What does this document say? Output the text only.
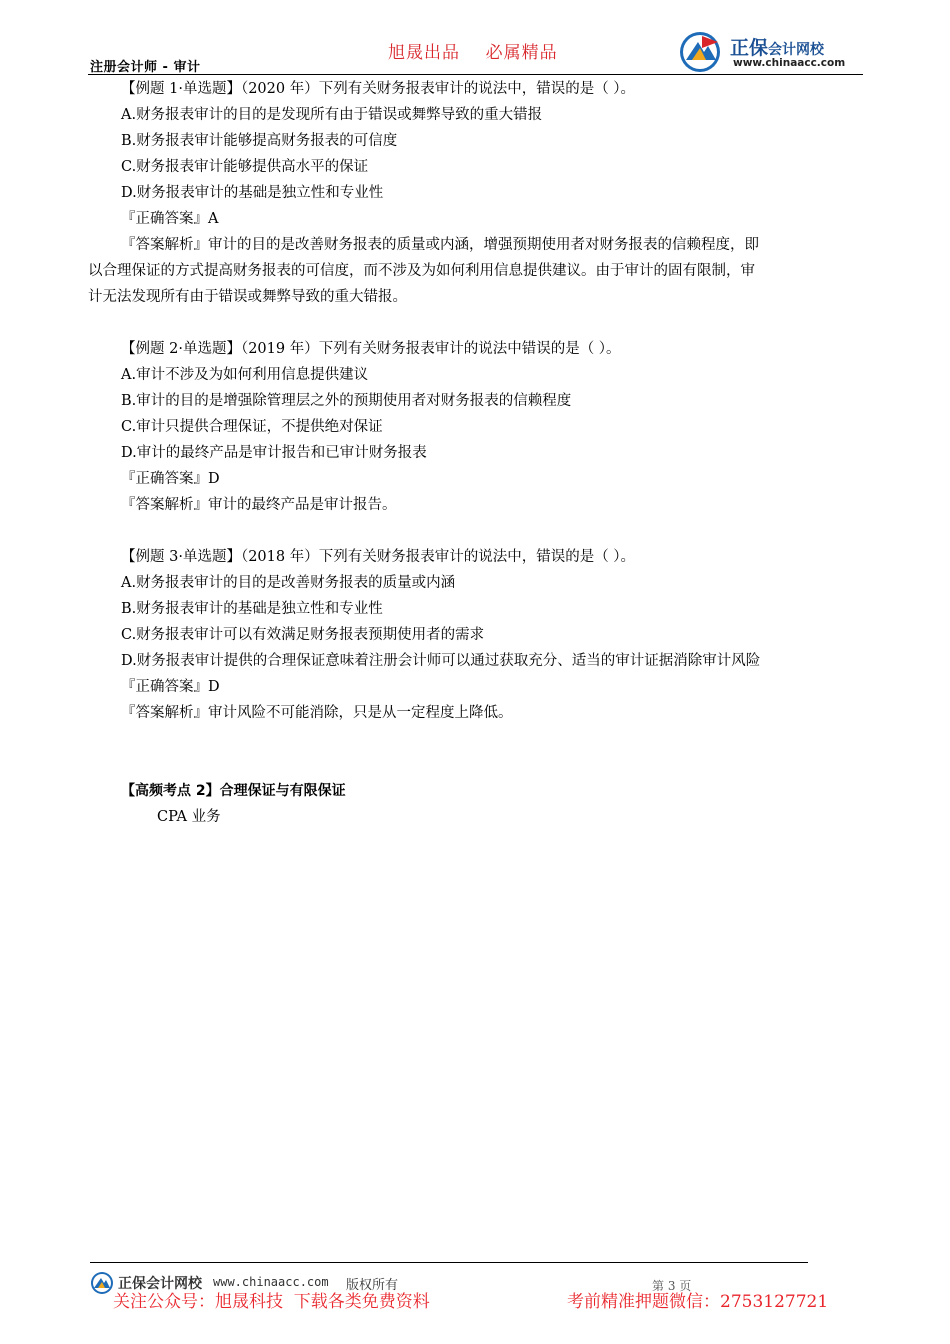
注册会计师 - 审计
旭晟出品    必属精品	正保会计网校
www.chinaacc.com
【例题 1·单选题】（2020 年）下列有关财务报表审计的说法中，错误的是（ ）。
A.财务报表审计的目的是发现所有由于错误或舞弊导致的重大错报
B.财务报表审计能够提高财务报表的可信度
C.财务报表审计能够提供高水平的保证
D.财务报表审计的基础是独立性和专业性
『正确答案』A
『答案解析』审计的目的是改善财务报表的质量或内涵，增强预期使用者对财务报表的信赖程度，即
以合理保证的方式提高财务报表的可信度，而不涉及为如何利用信息提供建议。由于审计的固有限制，审
计无法发现所有由于错误或舞弊导致的重大错报。
【例题 2·单选题】（2019 年）下列有关财务报表审计的说法中错误的是（ ）。
A.审计不涉及为如何利用信息提供建议
B.审计的目的是增强除管理层之外的预期使用者对财务报表的信赖程度
C.审计只提供合理保证，不提供绝对保证
D.审计的最终产品是审计报告和已审计财务报表
『正确答案』D
『答案解析』审计的最终产品是审计报告。
【例题 3·单选题】（2018 年）下列有关财务报表审计的说法中，错误的是（ ）。
A.财务报表审计的目的是改善财务报表的质量或内涵
B.财务报表审计的基础是独立性和专业性
C.财务报表审计可以有效满足财务报表预期使用者的需求
D.财务报表审计提供的合理保证意味着注册会计师可以通过获取充分、适当的审计证据消除审计风险
『正确答案』D
『答案解析』审计风险不可能消除，只是从一定程度上降低。
【高频考点 2】合理保证与有限保证
CPA 业务
正保会计网校 www.chinaacc.com 版权所有	第 3 页
关注公众号：旭晟科技  下载各类免费资料	考前精准押题微信：2753127721
